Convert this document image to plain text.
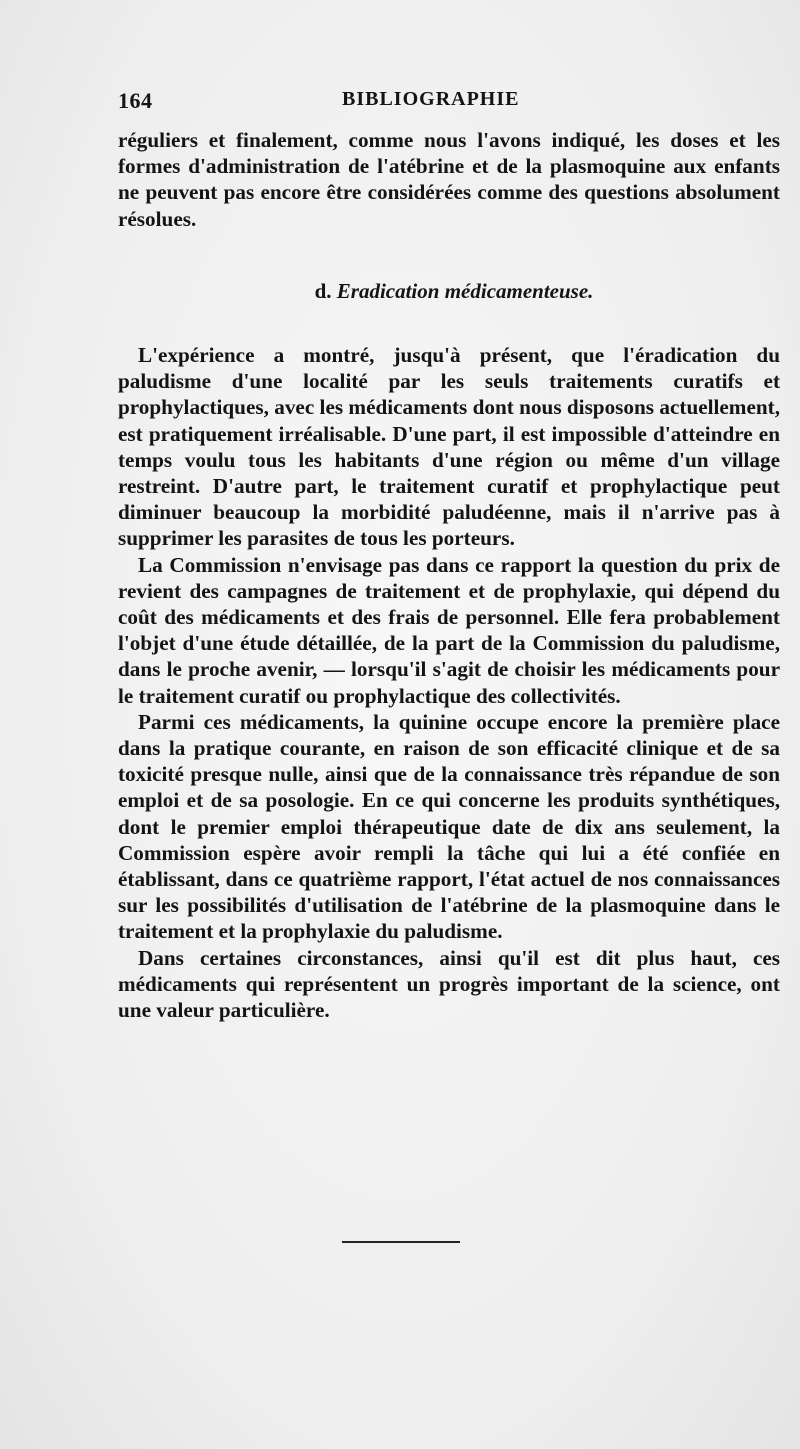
164	BIBLIOGRAPHIE

réguliers et finalement, comme nous l'avons indiqué, les doses et les formes d'administration de l'atébrine et de la plasmoquine aux enfants ne peuvent pas encore être considérées comme des questions absolument résolues.

d. Eradication médicamenteuse.

L'expérience a montré, jusqu'à présent, que l'éradication du paludisme d'une localité par les seuls traitements curatifs et prophylactiques, avec les médicaments dont nous disposons actuellement, est pratiquement irréalisable. D'une part, il est impossible d'atteindre en temps voulu tous les habitants d'une région ou même d'un village restreint. D'autre part, le traitement curatif et prophylactique peut diminuer beaucoup la morbidité paludéenne, mais il n'arrive pas à supprimer les parasites de tous les porteurs.

La Commission n'envisage pas dans ce rapport la question du prix de revient des campagnes de traitement et de prophylaxie, qui dépend du coût des médicaments et des frais de personnel. Elle fera probablement l'objet d'une étude détaillée, de la part de la Commission du paludisme, dans le proche avenir, — lorsqu'il s'agit de choisir les médicaments pour le traitement curatif ou prophylactique des collectivités.

Parmi ces médicaments, la quinine occupe encore la première place dans la pratique courante, en raison de son efficacité clinique et de sa toxicité presque nulle, ainsi que de la connaissance très répandue de son emploi et de sa posologie. En ce qui concerne les produits synthétiques, dont le premier emploi thérapeutique date de dix ans seulement, la Commission espère avoir rempli la tâche qui lui a été confiée en établissant, dans ce quatrième rapport, l'état actuel de nos connaissances sur les possibilités d'utilisation de l'atébrine de la plasmoquine dans le traitement et la prophylaxie du paludisme.

Dans certaines circonstances, ainsi qu'il est dit plus haut, ces médicaments qui représentent un progrès important de la science, ont une valeur particulière.
